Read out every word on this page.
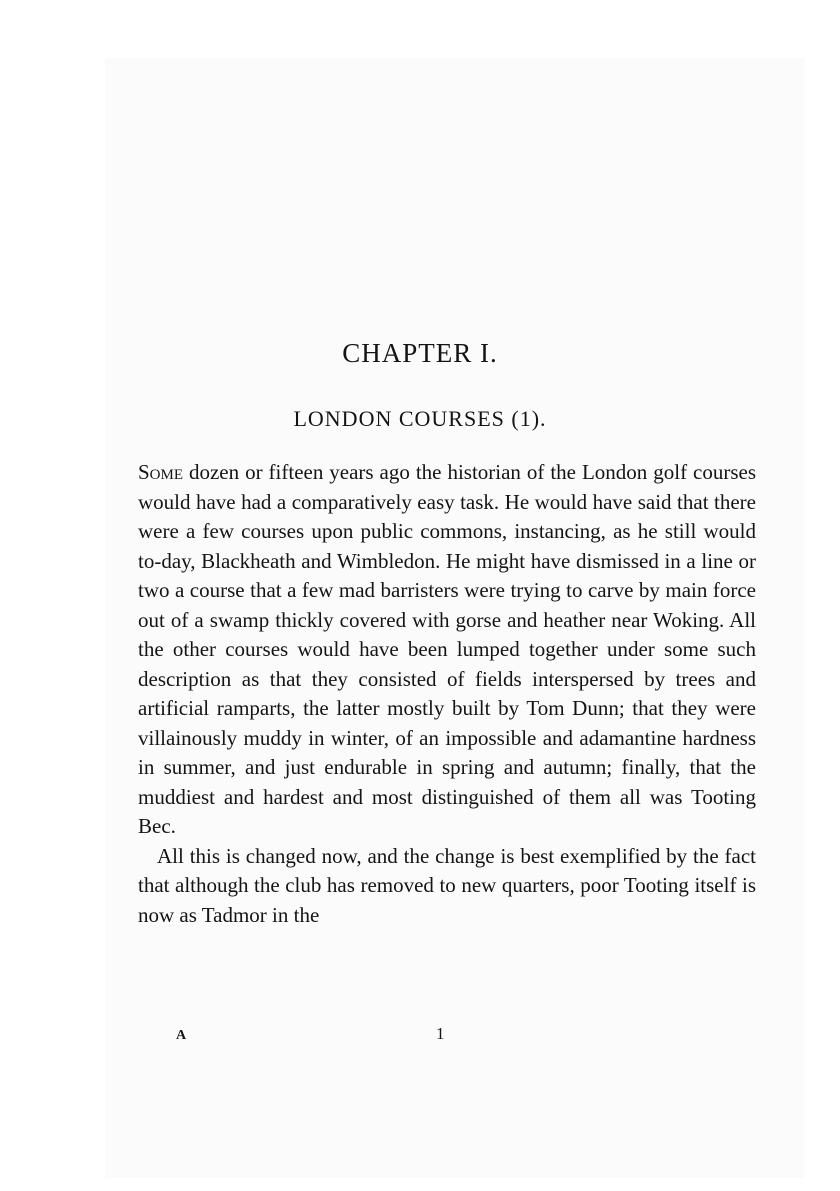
CHAPTER I.
LONDON COURSES (1).

Some dozen or fifteen years ago the historian of the London golf courses would have had a comparatively easy task. He would have said that there were a few courses upon public commons, instancing, as he still would to-day, Blackheath and Wimbledon. He might have dismissed in a line or two a course that a few mad barristers were trying to carve by main force out of a swamp thickly covered with gorse and heather near Woking. All the other courses would have been lumped together under some such description as that they consisted of fields interspersed by trees and artificial ramparts, the latter mostly built by Tom Dunn; that they were villainously muddy in winter, of an impossible and adamantine hardness in summer, and just endurable in spring and autumn; finally, that the muddiest and hardest and most distinguished of them all was Tooting Bec.

All this is changed now, and the change is best exemplified by the fact that although the club has removed to new quarters, poor Tooting itself is now as Tadmor in the

A	1
